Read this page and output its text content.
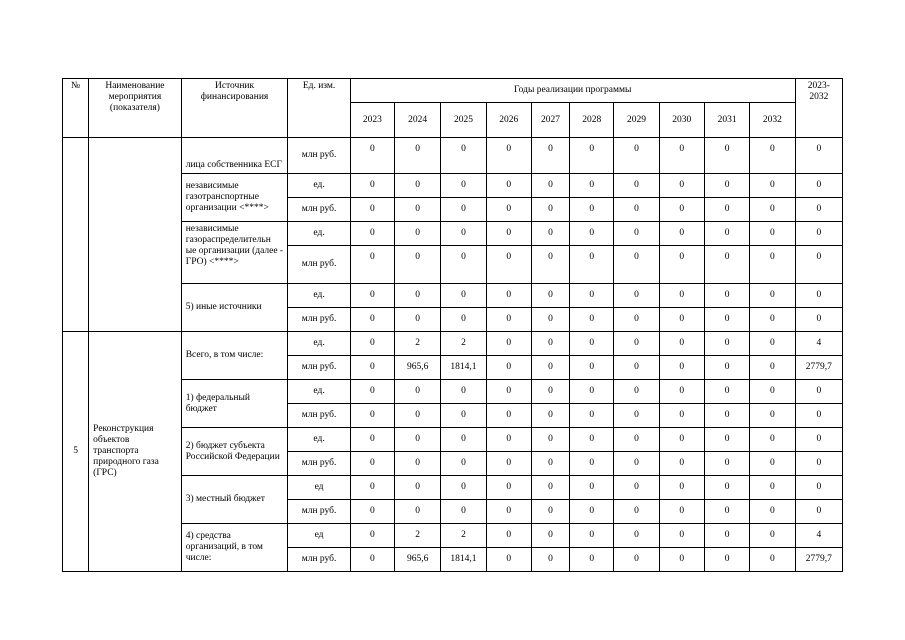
№	Наименование мероприятия (показателя)	Источник финансирования	Ед. изм.	Годы реализации программы										2023-2032
				2023	2024	2025	2026	2027	2028	2029	2030	2031	2032	
		лица собственника ЕСГ	млн руб.	0	0	0	0	0	0	0	0	0	0	0
		независимые газотранспортные организации <****>	ед.	0	0	0	0	0	0	0	0	0	0	0
			млн руб.	0	0	0	0	0	0	0	0	0	0	0
		независимые газораспределительн ые организации (далее - ГРО) <****>	ед.	0	0	0	0	0	0	0	0	0	0	0
			млн руб.	0	0	0	0	0	0	0	0	0	0	0
		5) иные источники	ед.	0	0	0	0	0	0	0	0	0	0	0
			млн руб.	0	0	0	0	0	0	0	0	0	0	0
5	Реконструкция объектов транспорта природного газа (ГРС)	Всего, в том числе:	ед.	0	2	2	0	0	0	0	0	0	0	4
			млн руб.	0	965,6	1814,1	0	0	0	0	0	0	0	2779,7
		1) федеральный бюджет	ед.	0	0	0	0	0	0	0	0	0	0	0
			млн руб.	0	0	0	0	0	0	0	0	0	0	0
		2) бюджет субъекта Российской Федерации	ед.	0	0	0	0	0	0	0	0	0	0	0
			млн руб.	0	0	0	0	0	0	0	0	0	0	0
		3) местный бюджет	ед	0	0	0	0	0	0	0	0	0	0	0
			млн руб.	0	0	0	0	0	0	0	0	0	0	0
		4) средства организаций, в том числе:	ед	0	2	2	0	0	0	0	0	0	0	4
			млн руб.	0	965,6	1814,1	0	0	0	0	0	0	0	2779,7
